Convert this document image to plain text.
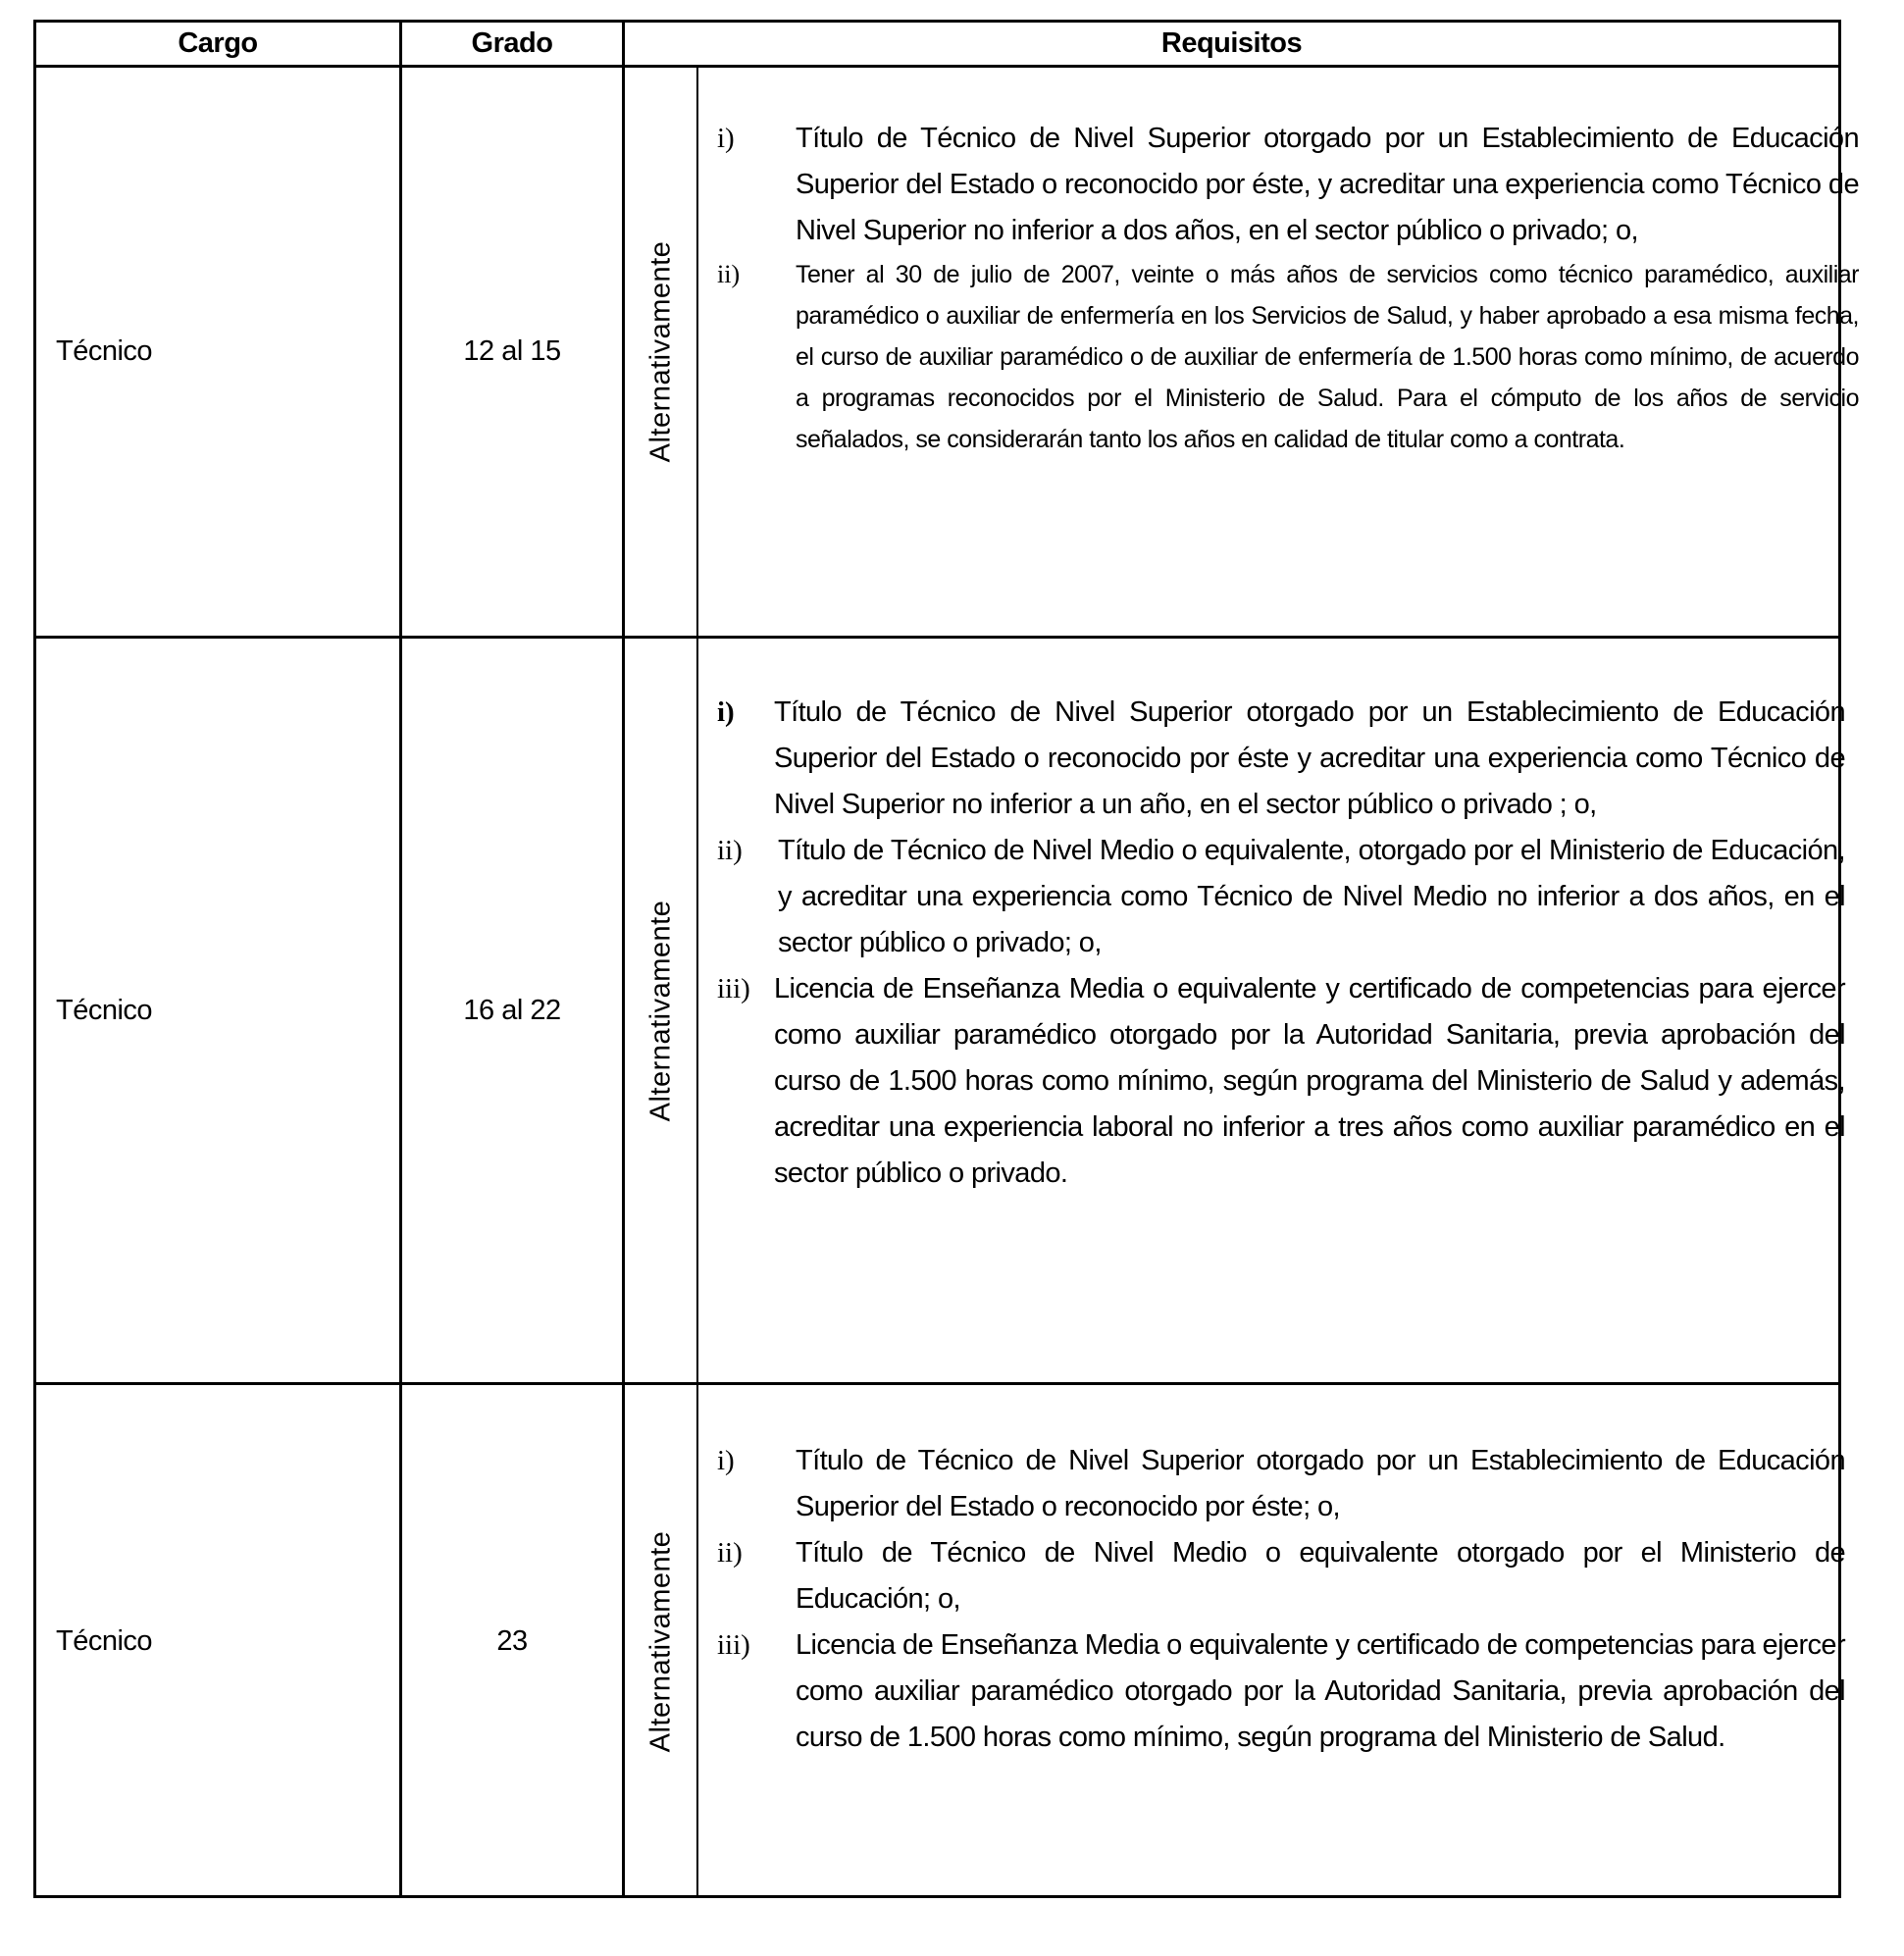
Cargo	Grado	Requisitos
Técnico	12 al 15	Alternativamente
i) Título de Técnico de Nivel Superior otorgado por un Establecimiento de Educación Superior del Estado o reconocido por éste, y acreditar una experiencia como Técnico de Nivel Superior no inferior a dos años, en el sector público o privado; o,
ii) Tener al 30 de julio de 2007, veinte o más años de servicios como técnico paramédico, auxiliar paramédico o auxiliar de enfermería en los Servicios de Salud, y haber aprobado a esa misma fecha, el curso de auxiliar paramédico o de auxiliar de enfermería de 1.500 horas como mínimo, de acuerdo a programas reconocidos por el Ministerio de Salud. Para el cómputo de los años de servicio señalados, se considerarán tanto los años en calidad de titular como a contrata.
Técnico	16 al 22	Alternativamente
i) Título de Técnico de Nivel Superior otorgado por un Establecimiento de Educación Superior del Estado o reconocido por éste y acreditar una experiencia como Técnico de Nivel Superior no inferior a un año, en el sector público o privado ; o,
ii) Título de Técnico de Nivel Medio o equivalente, otorgado por el Ministerio de Educación, y acreditar una experiencia como Técnico de Nivel Medio no inferior a dos años, en el sector público o privado; o,
iii) Licencia de Enseñanza Media o equivalente y certificado de competencias para ejercer como auxiliar paramédico otorgado por la Autoridad Sanitaria, previa aprobación del curso de 1.500 horas como mínimo, según programa del Ministerio de Salud y además, acreditar una experiencia laboral no inferior a tres años como auxiliar paramédico en el sector público o privado.
Técnico	23	Alternativamente
i) Título de Técnico de Nivel Superior otorgado por un Establecimiento de Educación Superior del Estado o reconocido por éste; o,
ii) Título de Técnico de Nivel Medio o equivalente otorgado por el Ministerio de Educación; o,
iii) Licencia de Enseñanza Media o equivalente y certificado de competencias para ejercer como auxiliar paramédico otorgado por la Autoridad Sanitaria, previa aprobación del curso de 1.500 horas como mínimo, según programa del Ministerio de Salud.
